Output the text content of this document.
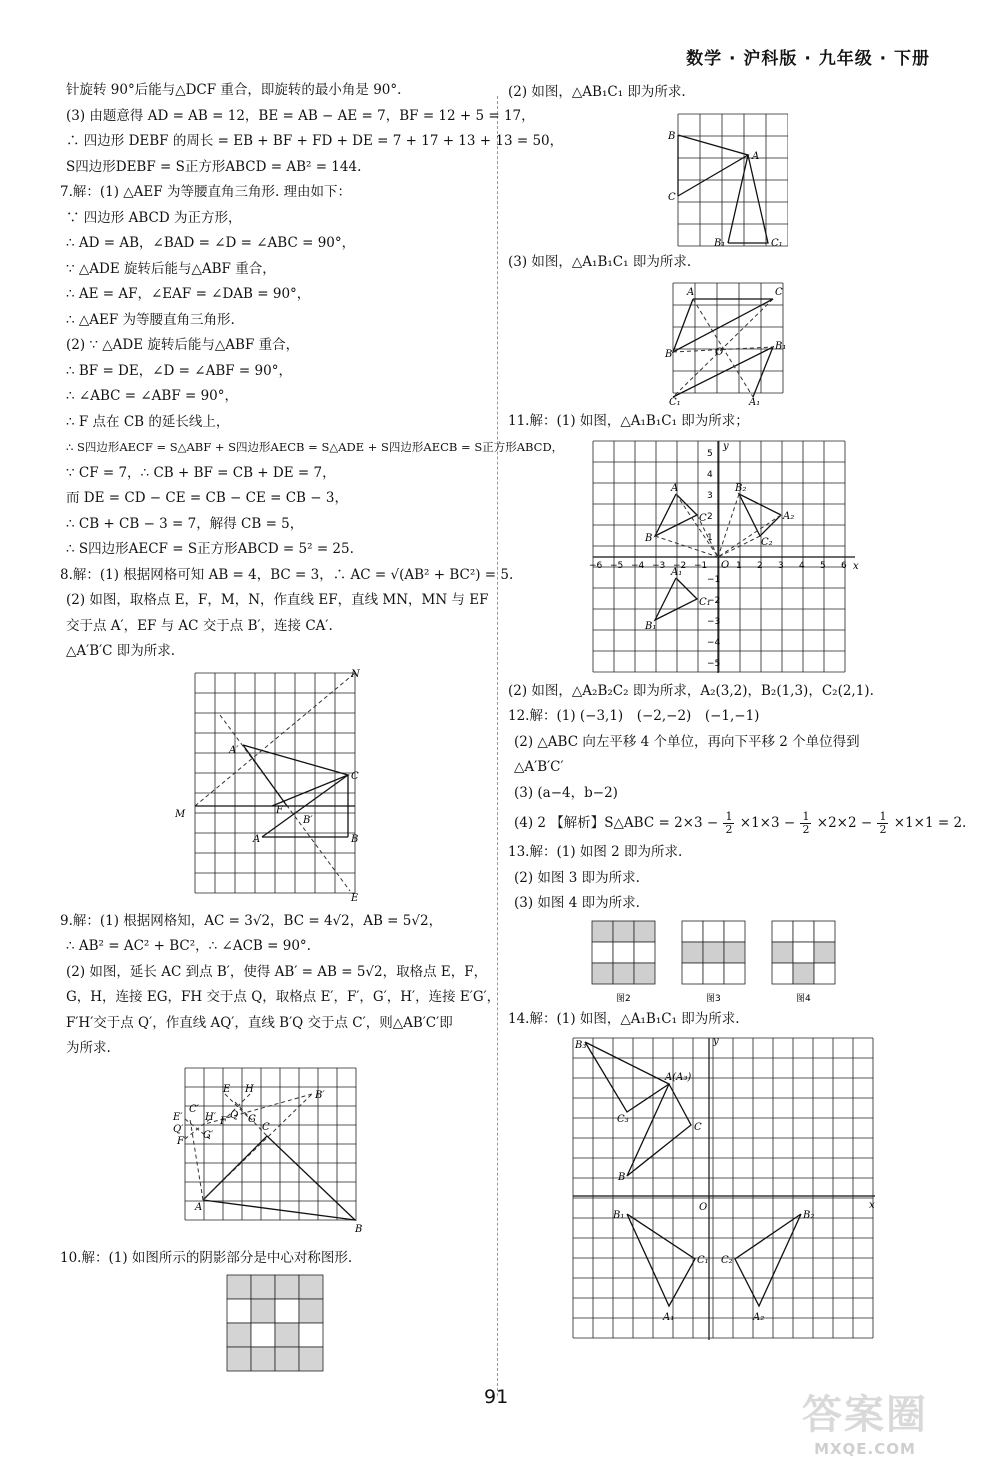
数学 · 沪科版 · 九年级 · 下册
针旋转 90°后能与△DCF 重合，即旋转的最小角是 90°.
(3) 由题意得 AD = AB = 12，BE = AB − AE = 7，BF = 12 + 5 = 17，
∴ 四边形 DEBF 的周长 = EB + BF + FD + DE = 7 + 17 + 13 + 13 = 50，
S四边形DEBF = S正方形ABCD = AB² = 144.
7.解：(1) △AEF 为等腰直角三角形. 理由如下：
∵ 四边形 ABCD 为正方形，
∴ AD = AB，∠BAD = ∠D = ∠ABC = 90°，
∵ △ADE 旋转后能与△ABF 重合，
∴ AE = AF，∠EAF = ∠DAB = 90°，
∴ △AEF 为等腰直角三角形.
(2) ∵ △ADE 旋转后能与△ABF 重合，
∴ BF = DE，∠D = ∠ABF = 90°，
∴ ∠ABC = ∠ABF = 90°，
∴ F 点在 CB 的延长线上，
∴ S四边形AECF = S△ABF + S四边形AECB = S△ADE + S四边形AECB = S正方形ABCD，
∵ CF = 7，∴ CB + BF = CB + DE = 7，
而 DE = CD − CE = CB − CE = CB − 3，
∴ CB + CB − 3 = 7，解得 CB = 5，
∴ S四边形AECF = S正方形ABCD = 5² = 25.
8.解：(1) 根据网格可知 AB = 4，BC = 3，∴ AC = √(AB² + BC²) = 5.
(2) 如图，取格点 E，F，M，N，作直线 EF，直线 MN，MN 与 EF
交于点 A′，EF 与 AC 交于点 B′，连接 CA′.
△A′B′C 即为所求.
N
A′
C
M	F
B′
A	B
E
9.解：(1) 根据网格知，AC = 3√2，BC = 4√2，AB = 5√2，
∴ AB² = AC² + BC²，∴ ∠ACB = 90°.
(2) 如图，延长 AC 到点 B′，使得 AB′ = AB = 5√2，取格点 E，F，
G，H，连接 EG，FH 交于点 Q，取格点 E′，F′，G′，H′，连接 E′G′，
F′H′交于点 Q′，作直线 AQ′，直线 B′Q 交于点 C′，则△AB′C′即
为所求.
E H
B′
C′
H′
E′
Q′
F
Q G
C
F′
G′
A
B
10.解：(1) 如图所示的阴影部分是中心对称图形.
(2) 如图，△AB₁C₁ 即为所求.
B
A
C
B₁	C₁
(3) 如图，△A₁B₁C₁ 即为所求.
A	C
B	O
B₁
C₁	A₁
11.解：(1) 如图，△A₁B₁C₁ 即为所求；
−6 −5 −4 −3 −2 −1	1 2 3 4 5 6
5
4
3
2
1
−1
−2
−3
−4
−5
O
y
x
A	B₂
A₂
C
C₂
B
A₁
C₁
B₁
(2) 如图，△A₂B₂C₂ 即为所求，A₂(3,2)，B₂(1,3)，C₂(2,1).
12.解：(1) (−3,1)　(−2,−2)　(−1,−1)
(2) △ABC 向左平移 4 个单位，再向下平移 2 个单位得到
△A′B′C′
(3) (a−4，b−2)
(4) 2 【解析】S△ABC = $2\times 3 - \frac{1}{2} \times 1\times 3 - \frac{1}{2} \times 2\times 2 - \frac{1}{2} \times 1\times 1 = 2$.
13.解：(1) 如图 2 即为所求.
(2) 如图 3 即为所求.
(3) 如图 4 即为所求.
图2	图3	图4
14.解：(1) 如图，△A₁B₁C₁ 即为所求.
B₃	y
x
O
A(A₃)
C₃
C
B
B₁
C₁
A₁
C₂
B₂
A₂
91	答案圈
MXQE.COM
